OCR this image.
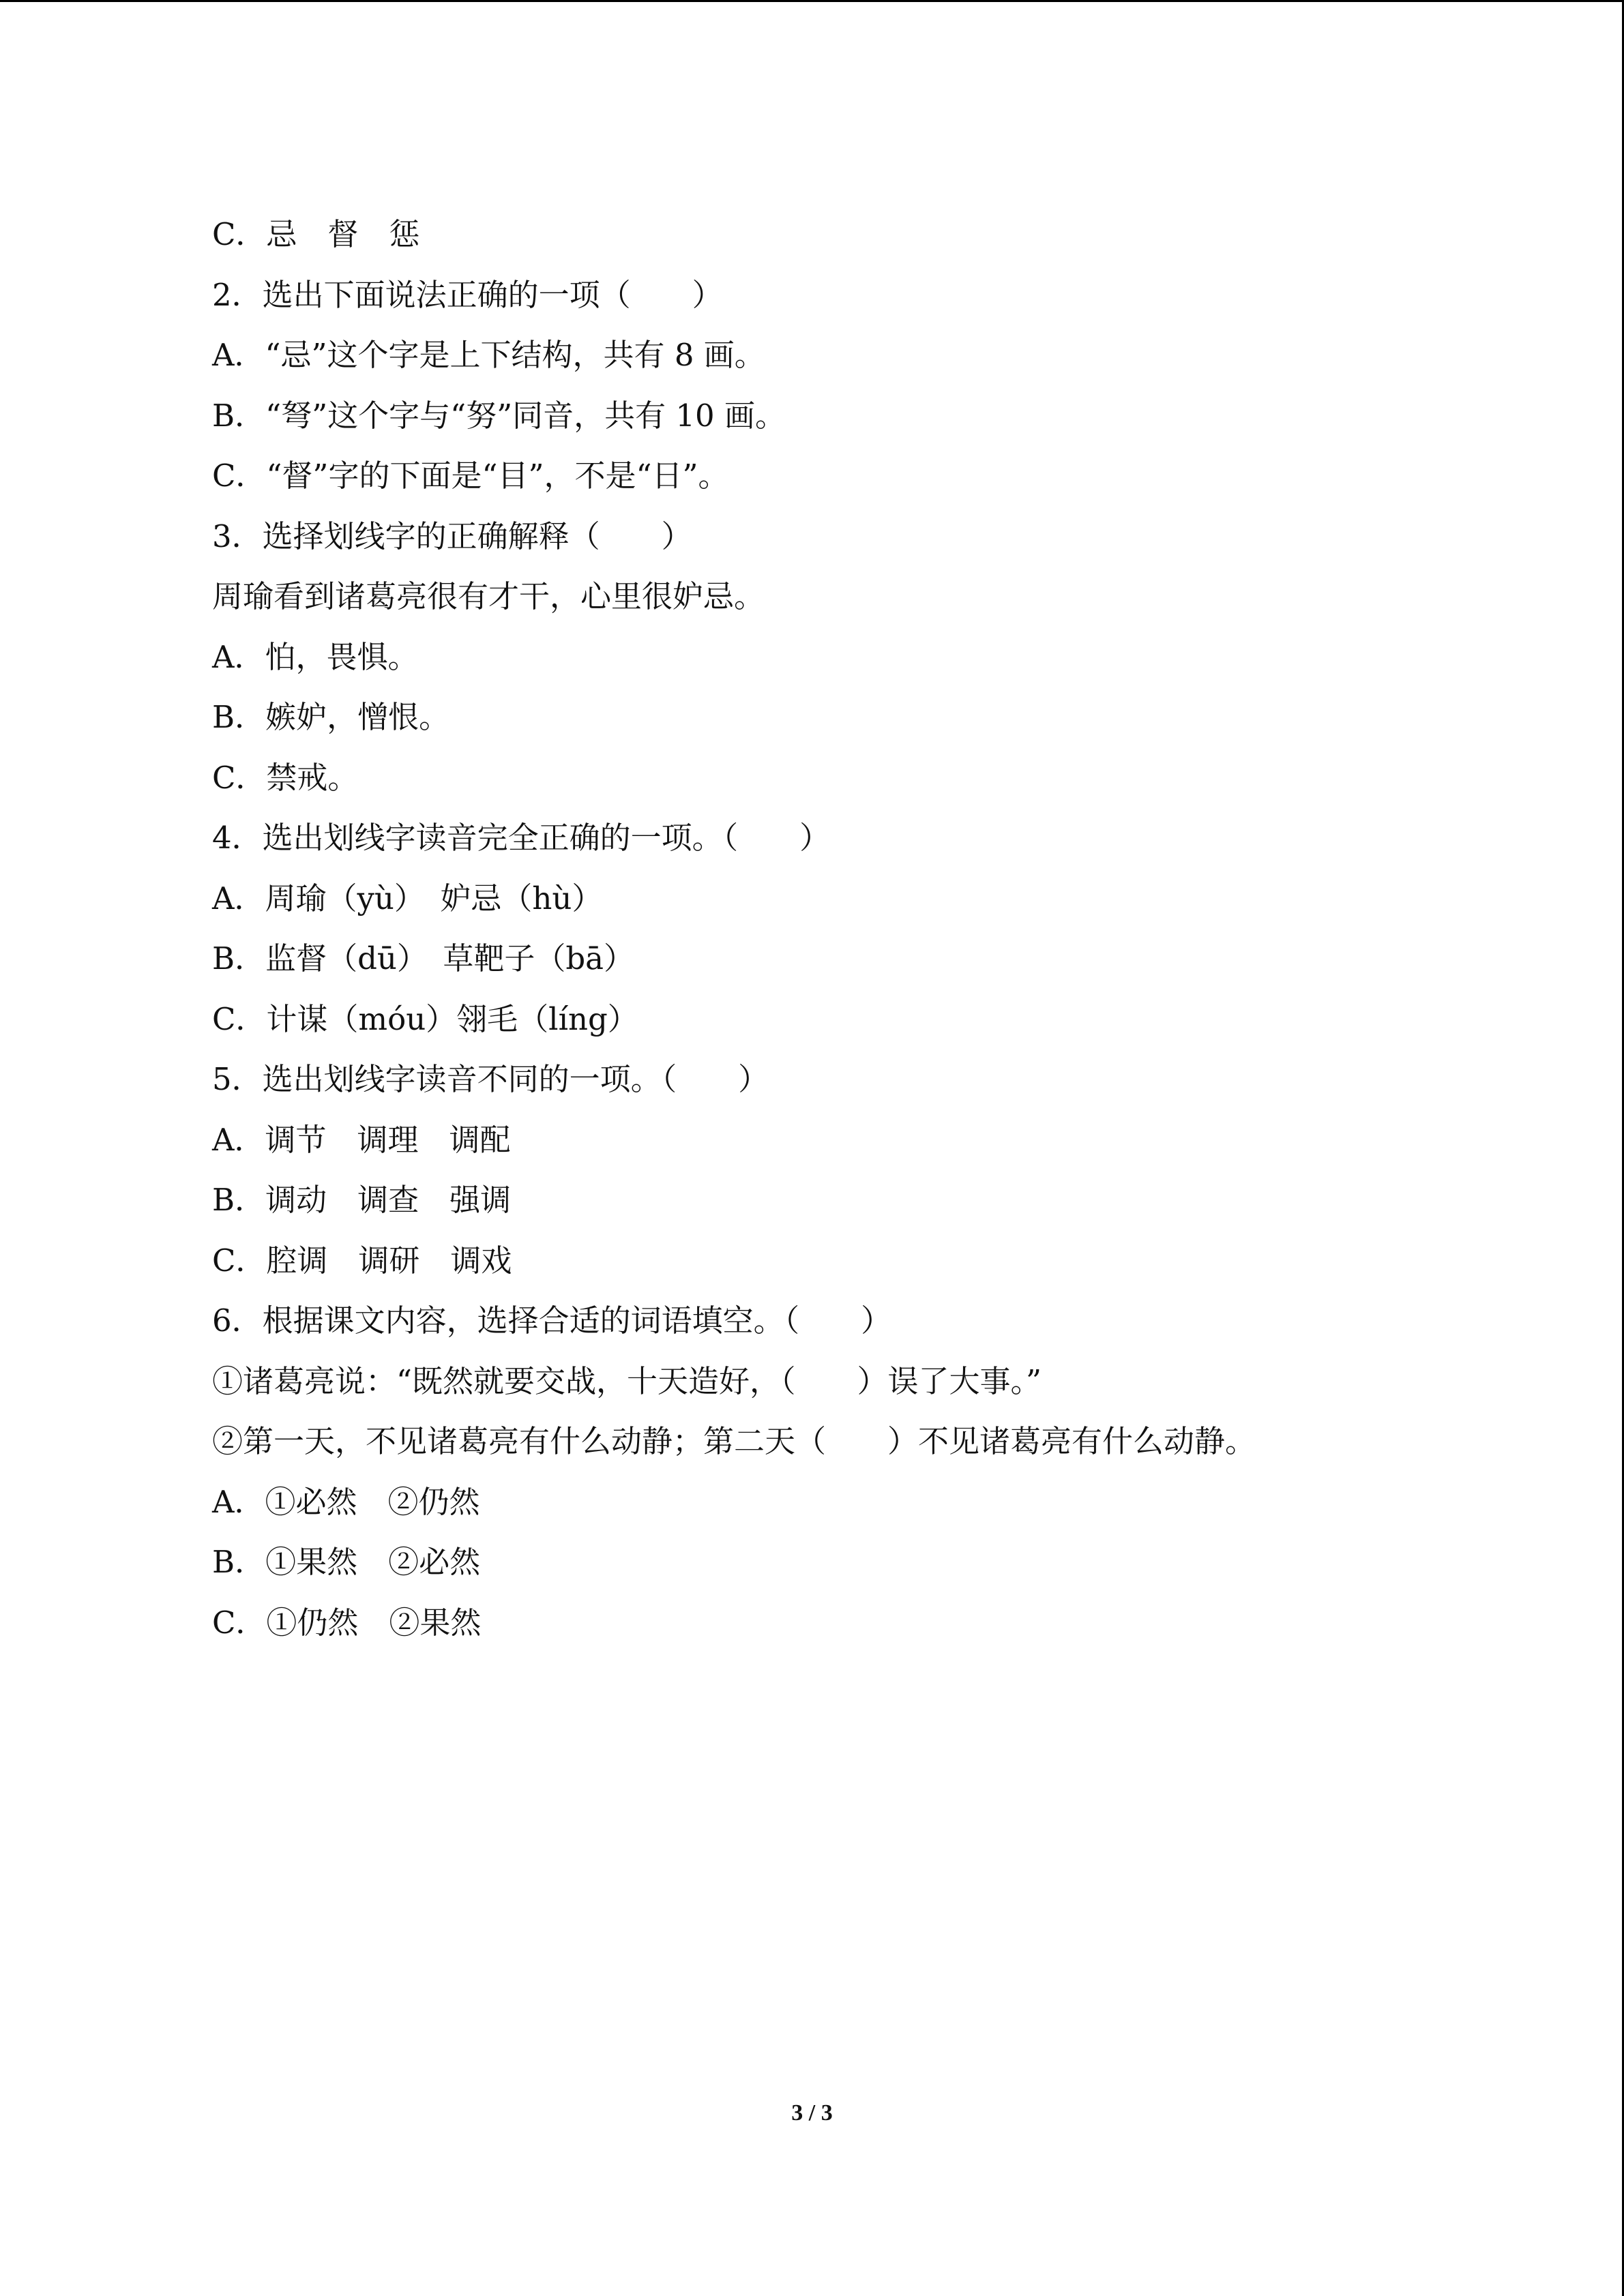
C．忌　督　惩
2．选出下面说法正确的一项（　　）
A．“忌”这个字是上下结构，共有 8 画。
B．“弩”这个字与“努”同音，共有 10 画。
C．“督”字的下面是“目”，不是“日”。
3．选择划线字的正确解释（　　）
周瑜看到诸葛亮很有才干，心里很妒忌。
A．怕，畏惧。
B．嫉妒，憎恨。
C．禁戒。
4．选出划线字读音完全正确的一项。（　　）
A．周瑜（yù）　妒忌（hù）
B．监督（dū）　草靶子（bā）
C．计谋（móu）翎毛（líng）
5．选出划线字读音不同的一项。（　　）
A．调节　调理　调配
B．调动　调查　强调
C．腔调　调研　调戏
6．根据课文内容，选择合适的词语填空。（　　）
①诸葛亮说：“既然就要交战，十天造好，（　　）误了大事。”
②第一天，不见诸葛亮有什么动静；第二天（　　）不见诸葛亮有什么动静。
A．①必然　②仍然
B．①果然　②必然
C．①仍然　②果然
3 / 3
